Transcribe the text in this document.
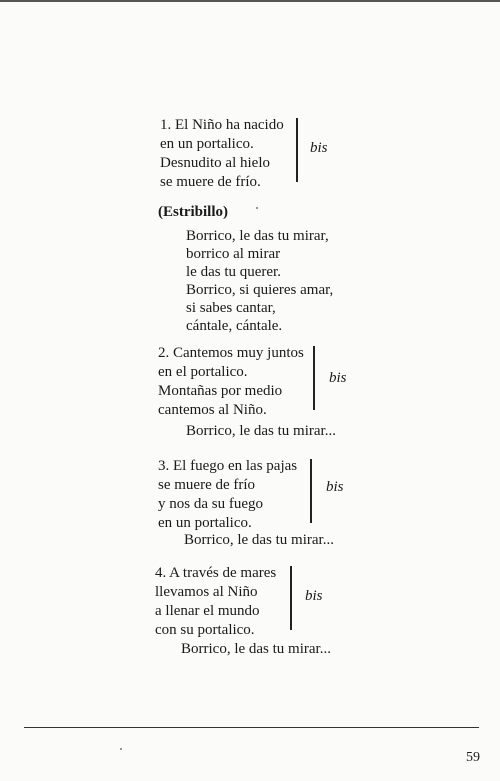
1. El Niño ha nacido
en un portalico.
Desnudito al hielo
se muere de frío.
bis
(Estribillo)
Borrico, le das tu mirar,
borrico al mirar
le das tu querer.
Borrico, si quieres amar,
si sabes cantar,
cántale, cántale.
2. Cantemos muy juntos
en el portalico.
Montañas por medio
cantemos al Niño.
bis
Borrico, le das tu mirar...
3. El fuego en las pajas
se muere de frío
y nos da su fuego
en un portalico.
bis
Borrico, le das tu mirar...
4. A través de mares
llevamos al Niño
a llenar el mundo
con su portalico.
bis
Borrico, le das tu mirar...
59
